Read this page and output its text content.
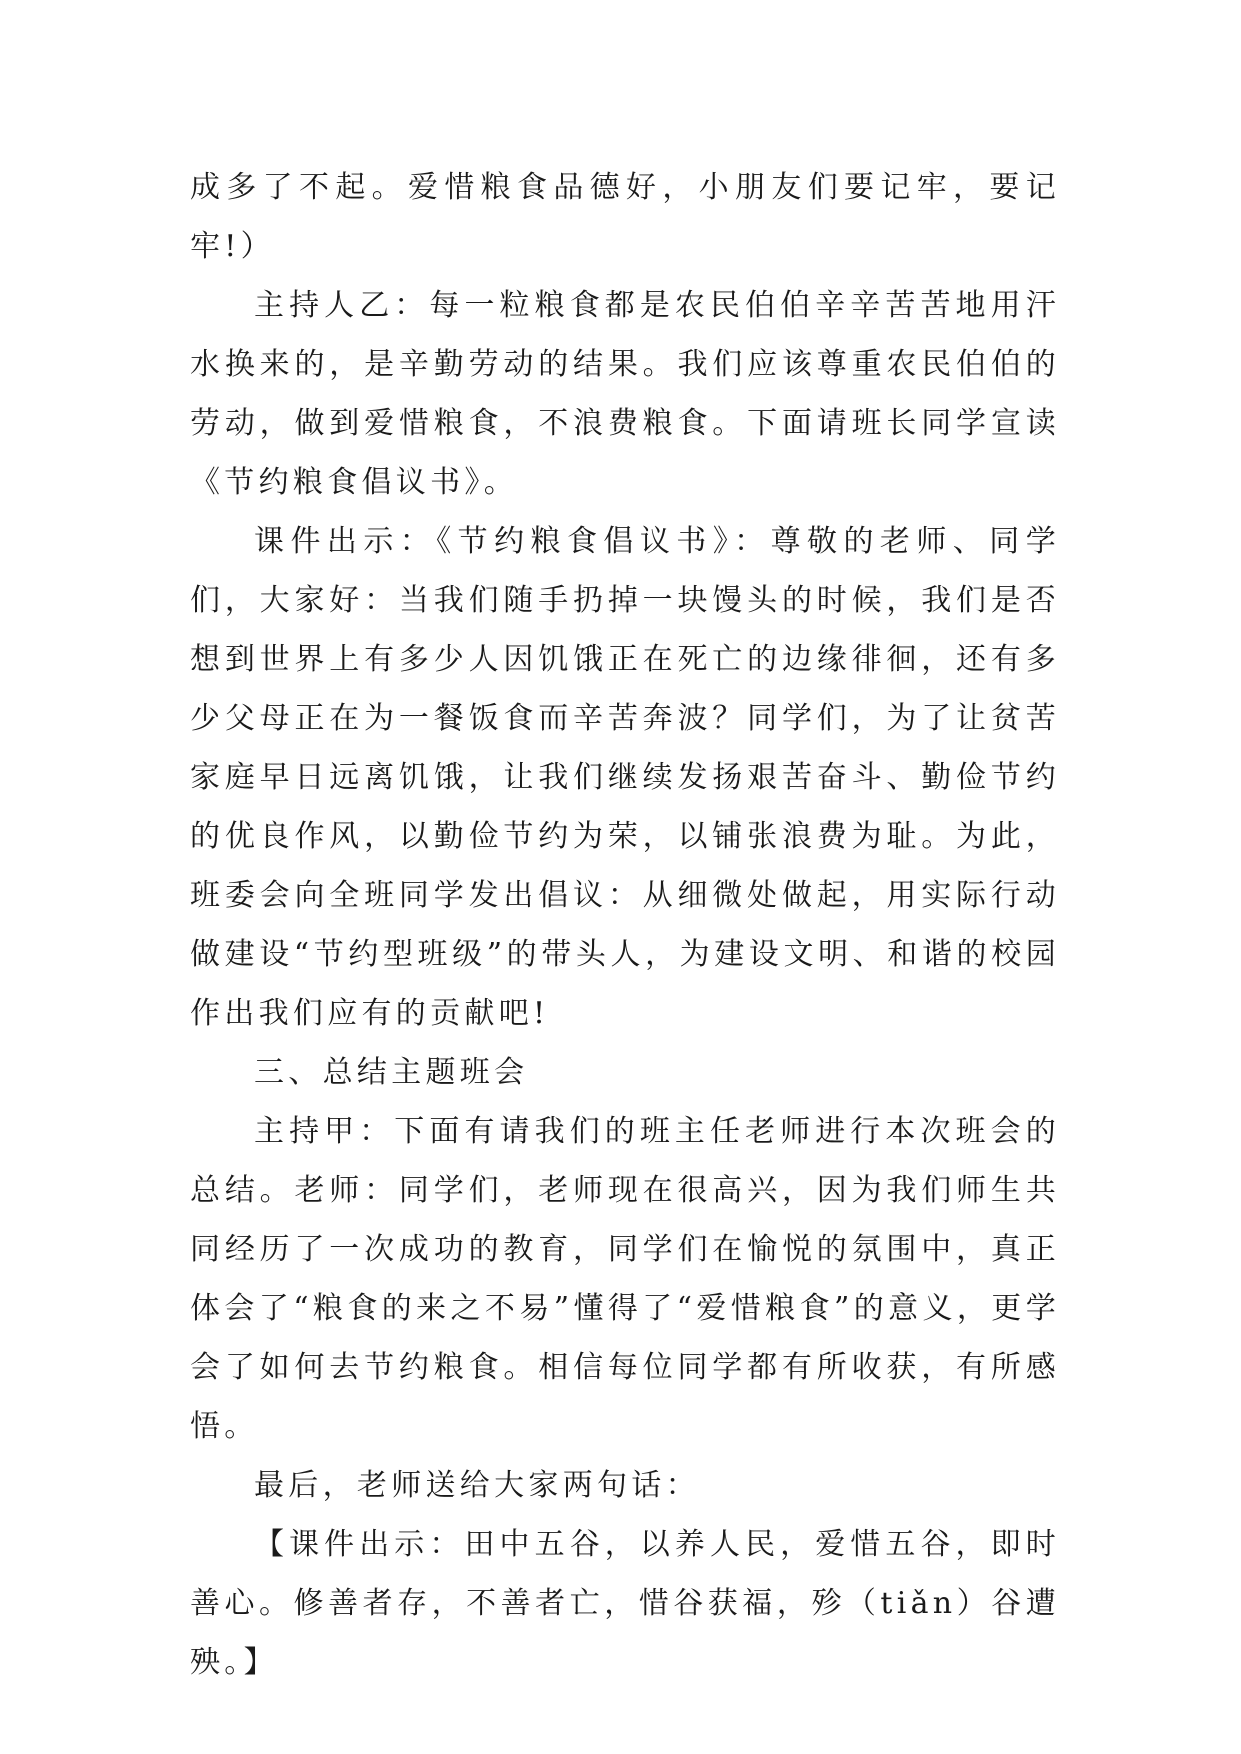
成多了不起。爱惜粮食品德好，小朋友们要记牢，要记牢!）

主持人乙：每一粒粮食都是农民伯伯辛辛苦苦地用汗水换来的，是辛勤劳动的结果。我们应该尊重农民伯伯的劳动，做到爱惜粮食，不浪费粮食。下面请班长同学宣读《节约粮食倡议书》。

课件出示：《节约粮食倡议书》：尊敬的老师、同学们，大家好：当我们随手扔掉一块馒头的时候，我们是否想到世界上有多少人因饥饿正在死亡的边缘徘徊，还有多少父母正在为一餐饭食而辛苦奔波？同学们，为了让贫苦家庭早日远离饥饿，让我们继续发扬艰苦奋斗、勤俭节约的优良作风，以勤俭节约为荣，以铺张浪费为耻。为此，班委会向全班同学发出倡议：从细微处做起，用实际行动做建设“节约型班级”的带头人，为建设文明、和谐的校园作出我们应有的贡献吧!

三、总结主题班会

主持甲：下面有请我们的班主任老师进行本次班会的总结。老师：同学们，老师现在很高兴，因为我们师生共同经历了一次成功的教育，同学们在愉悦的氛围中，真正体会了“粮食的来之不易”懂得了“爱惜粮食”的意义，更学会了如何去节约粮食。相信每位同学都有所收获，有所感悟。

最后，老师送给大家两句话：

【课件出示：田中五谷，以养人民，爱惜五谷，即时善心。修善者存，不善者亡，惜谷获福，殄（tiǎn）谷遭殃。】
